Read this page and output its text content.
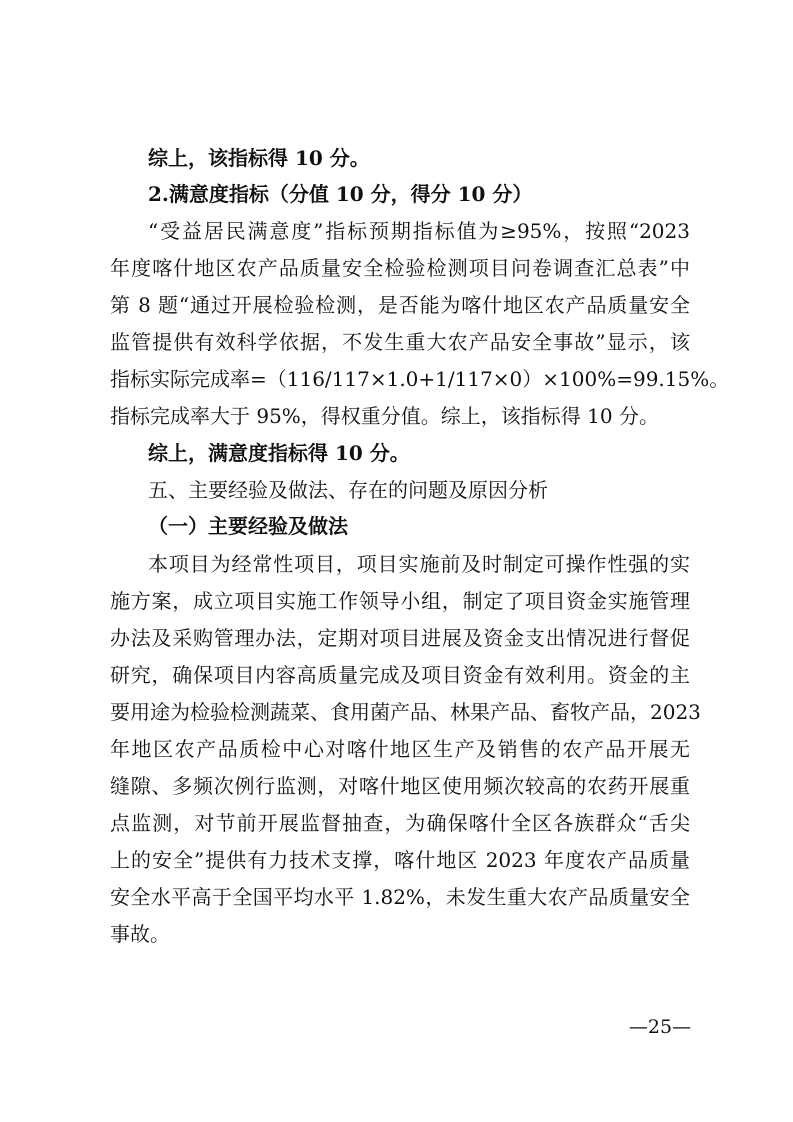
综上，该指标得 10 分。

2.满意度指标（分值 10 分，得分 10 分）

“受益居民满意度”指标预期指标值为≥95%，按照“2023

年度喀什地区农产品质量安全检验检测项目问卷调查汇总表”中

第 8 题“通过开展检验检测，是否能为喀什地区农产品质量安全

监管提供有效科学依据，不发生重大农产品安全事故”显示，该

指标实际完成率=（116/117×1.0+1/117×0）×100%=99.15%。

指标完成率大于 95%，得权重分值。综上，该指标得 10 分。

综上，满意度指标得 10 分。

五、主要经验及做法、存在的问题及原因分析

（一）主要经验及做法

本项目为经常性项目，项目实施前及时制定可操作性强的实

施方案，成立项目实施工作领导小组，制定了项目资金实施管理

办法及采购管理办法，定期对项目进展及资金支出情况进行督促

研究，确保项目内容高质量完成及项目资金有效利用。资金的主

要用途为检验检测蔬菜、食用菌产品、林果产品、畜牧产品，2023

年地区农产品质检中心对喀什地区生产及销售的农产品开展无

缝隙、多频次例行监测，对喀什地区使用频次较高的农药开展重

点监测，对节前开展监督抽查，为确保喀什全区各族群众“舌尖

上的安全”提供有力技术支撑，喀什地区 2023 年度农产品质量

安全水平高于全国平均水平 1.82%，未发生重大农产品质量安全

事故。

—25—
